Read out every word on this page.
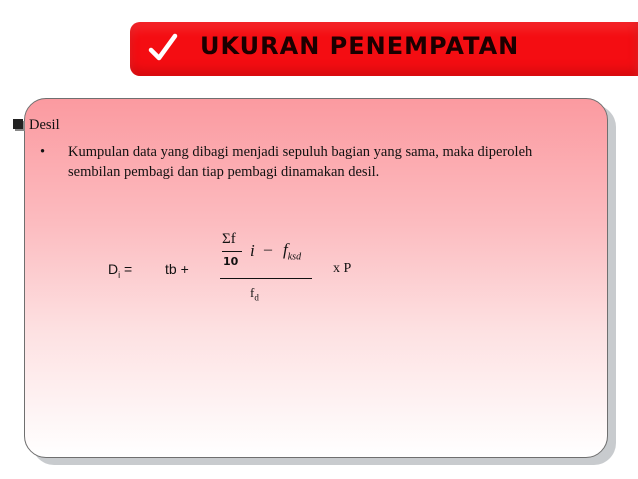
UKURAN PENEMPATAN
Desil
• Kumpulan data yang dibagi menjadi sepuluh bagian yang sama, maka diperoleh
sembilan pembagi dan tiap pembagi dinamakan desil.
$D_i$ = tb +
Σf
10
i – $f_{ksd}$
$f_d$
x P
